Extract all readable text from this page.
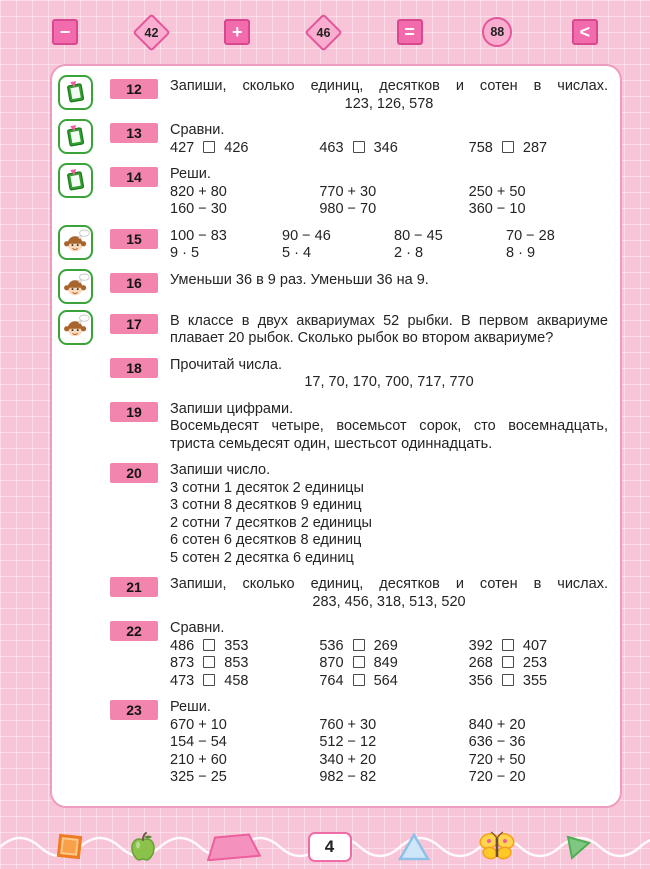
−	42	+	46	=	88	<
12	Запиши, сколько единиц, десятков и сотен в числах.
123, 126, 578
13	Сравни.
427  426	463  346	758  287
14	Реши.
820 + 80	770 + 30	250 + 50
160 − 30	980 − 70	360 − 10
15	100 − 83	90 − 46	80 − 45	70 − 28
9 · 5	5 · 4	2 · 8	8 · 9
16	Уменьши 36 в 9 раз. Уменьши 36 на 9.
17	В классе в двух аквариумах 52 рыбки. В первом аквариуме плавает 20 рыбок. Сколько рыбок во втором аквариуме?
18	Прочитай числа.
17, 70, 170, 700, 717, 770
19	Запиши цифрами.
Восемьдесят четыре, восемьсот сорок, сто восемнадцать, триста семьдесят один, шестьсот одиннадцать.
20	Запиши число.
3 сотни 1 десяток 2 единицы
3 сотни 8 десятков 9 единиц
2 сотни 7 десятков 2 единицы
6 сотен 6 десятков 8 единиц
5 сотен 2 десятка 6 единиц
21	Запиши, сколько единиц, десятков и сотен в числах.
283, 456, 318, 513, 520
22	Сравни.
486  353	536  269	392  407
873  853	870  849	268  253
473  458	764  564	356  355
23	Реши.
670 + 10	760 + 30	840 + 20
154 − 54	512 − 12	636 − 36
210 + 60	340 + 20	720 + 50
325 − 25	982 − 82	720 − 20
4
